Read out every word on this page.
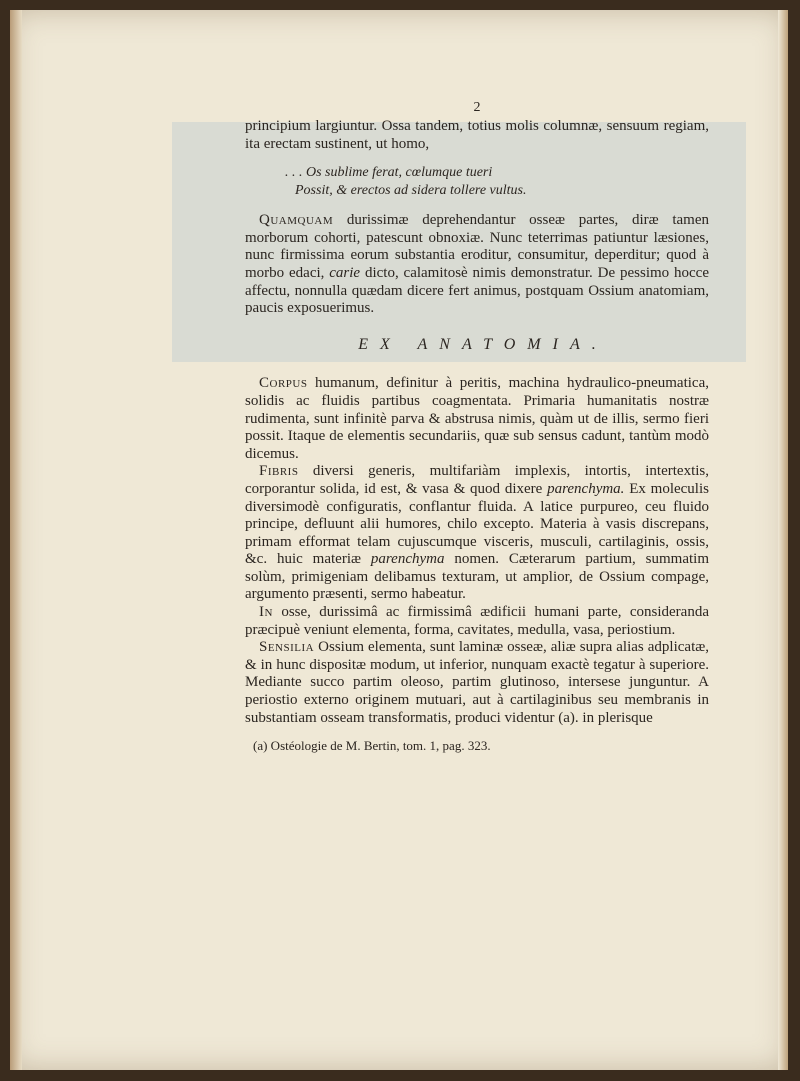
2

principium largiuntur. Ossa tandem, totius molis columnæ, sensuum regiam, ita erectam sustinent, ut homo,

. . . Os sublime ferat, cœlumque tueri
Possit, & erectos ad sidera tollere vultus.

Quamquam durissimæ deprehendantur osseæ partes, diræ tamen morborum cohorti, patescunt obnoxiæ. Nunc teterrimas patiuntur læsiones, nunc firmissima eorum substantia eroditur, consumitur, deperditur; quod à morbo edaci, carie dicto, calamitosè nimis demonstratur. De pessimo hocce affectu, nonnulla quædam dicere fert animus, postquam Ossium anatomiam, paucis exposuerimus.

EX ANATOMIA.

Corpus humanum, definitur à peritis, machina hydraulico-pneumatica, solidis ac fluidis partibus coagmentata. Primaria humanitatis nostræ rudimenta, sunt infinitè parva & abstrusa nimis, quàm ut de illis, sermo fieri possit. Itaque de elementis secundariis, quæ sub sensus cadunt, tantùm modò dicemus.

Fibris diversi generis, multifariàm implexis, intortis, intertextis, corporantur solida, id est, & vasa & quod dixere parenchyma. Ex moleculis diversimodè configuratis, conflantur fluida. A latice purpureo, ceu fluido principe, defluunt alii humores, chilo excepto. Materia à vasis discrepans, primam efformat telam cujuscumque visceris, musculi, cartilaginis, ossis, &c. huic materiæ parenchyma nomen. Cæterarum partium, summatim solùm, primigeniam delibamus texturam, ut amplior, de Ossium compage, argumento præsenti, sermo habeatur.

In osse, durissimâ ac firmissimâ ædificii humani parte, consideranda præcipuè veniunt elementa, forma, cavitates, medulla, vasa, periostium.

Sensilia Ossium elementa, sunt laminæ osseæ, aliæ supra alias adplicatæ, & in hunc dispositæ modum, ut inferior, nunquam exactè tegatur à superiore. Mediante succo partim oleoso, partim glutinoso, intersese junguntur. A periostio externo originem mutuari, aut à cartilaginibus seu membranis in substantiam osseam transformatis, produci videntur (a). in plerisque

(a) Ostéologie de M. Bertin, tom. 1, pag. 323.
